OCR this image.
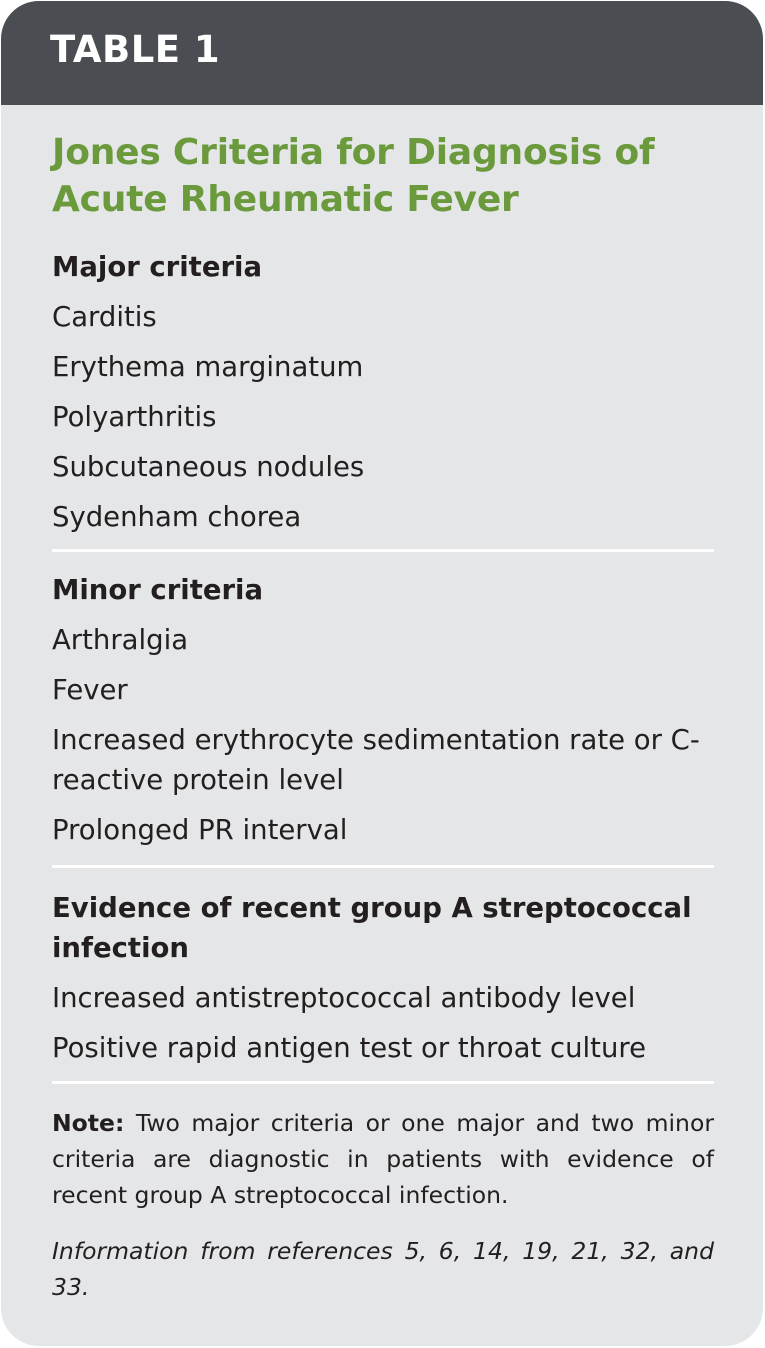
TABLE 1
Jones Criteria for Diagnosis of Acute Rheumatic Fever
Major criteria
Carditis
Erythema marginatum
Polyarthritis
Subcutaneous nodules
Sydenham chorea
Minor criteria
Arthralgia
Fever
Increased erythrocyte sedimentation rate or C-reactive protein level
Prolonged PR interval
Evidence of recent group A streptococcal infection
Increased antistreptococcal antibody level
Positive rapid antigen test or throat culture
Note: Two major criteria or one major and two minor criteria are diagnostic in patients with evidence of recent group A streptococcal infection.
Information from references 5, 6, 14, 19, 21, 32, and 33.
